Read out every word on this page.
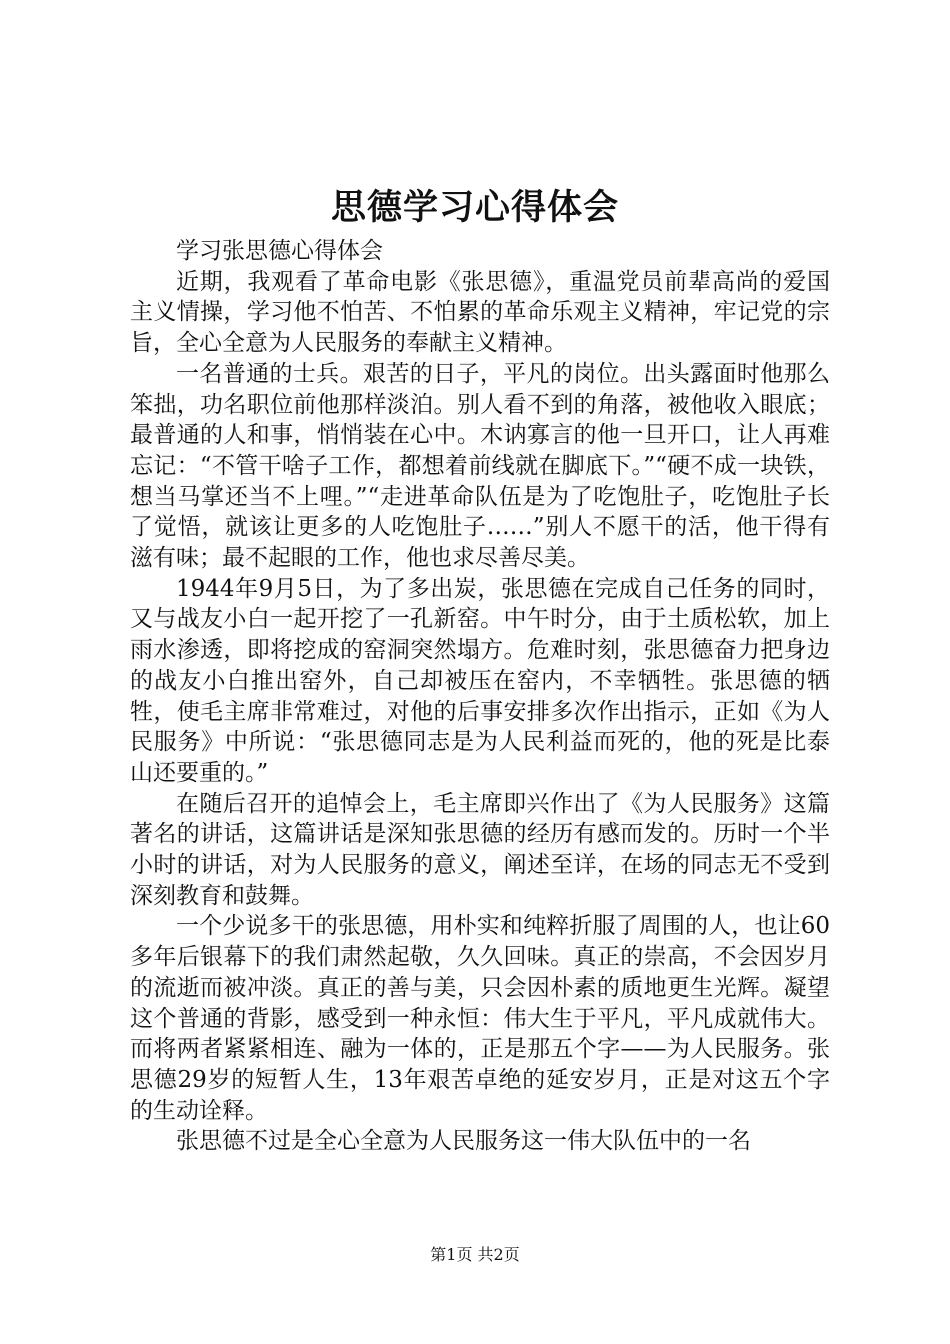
思德学习心得体会

学习张思德心得体会

近期，我观看了革命电影《张思德》，重温党员前辈高尚的爱国主义情操，学习他不怕苦、不怕累的革命乐观主义精神，牢记党的宗旨，全心全意为人民服务的奉献主义精神。

一名普通的士兵。艰苦的日子，平凡的岗位。出头露面时他那么笨拙，功名职位前他那样淡泊。别人看不到的角落，被他收入眼底；最普通的人和事，悄悄装在心中。木讷寡言的他一旦开口，让人再难忘记：“不管干啥子工作，都想着前线就在脚底下。”“硬不成一块铁，想当马掌还当不上哩。”“走进革命队伍是为了吃饱肚子，吃饱肚子长了觉悟，就该让更多的人吃饱肚子……”别人不愿干的活，他干得有滋有味；最不起眼的工作，他也求尽善尽美。

1944年9月5日，为了多出炭，张思德在完成自己任务的同时，又与战友小白一起开挖了一孔新窑。中午时分，由于土质松软，加上雨水渗透，即将挖成的窑洞突然塌方。危难时刻，张思德奋力把身边的战友小白推出窑外，自己却被压在窑内，不幸牺牲。张思德的牺牲，使毛主席非常难过，对他的后事安排多次作出指示，正如《为人民服务》中所说：“张思德同志是为人民利益而死的，他的死是比泰山还要重的。”

在随后召开的追悼会上，毛主席即兴作出了《为人民服务》这篇著名的讲话，这篇讲话是深知张思德的经历有感而发的。历时一个半小时的讲话，对为人民服务的意义，阐述至详，在场的同志无不受到深刻教育和鼓舞。

一个少说多干的张思德，用朴实和纯粹折服了周围的人，也让60多年后银幕下的我们肃然起敬，久久回味。真正的崇高，不会因岁月的流逝而被冲淡。真正的善与美，只会因朴素的质地更生光辉。凝望这个普通的背影，感受到一种永恒：伟大生于平凡，平凡成就伟大。而将两者紧紧相连、融为一体的，正是那五个字——为人民服务。张思德29岁的短暂人生，13年艰苦卓绝的延安岁月，正是对这五个字的生动诠释。

张思德不过是全心全意为人民服务这一伟大队伍中的一名

第1页 共2页
